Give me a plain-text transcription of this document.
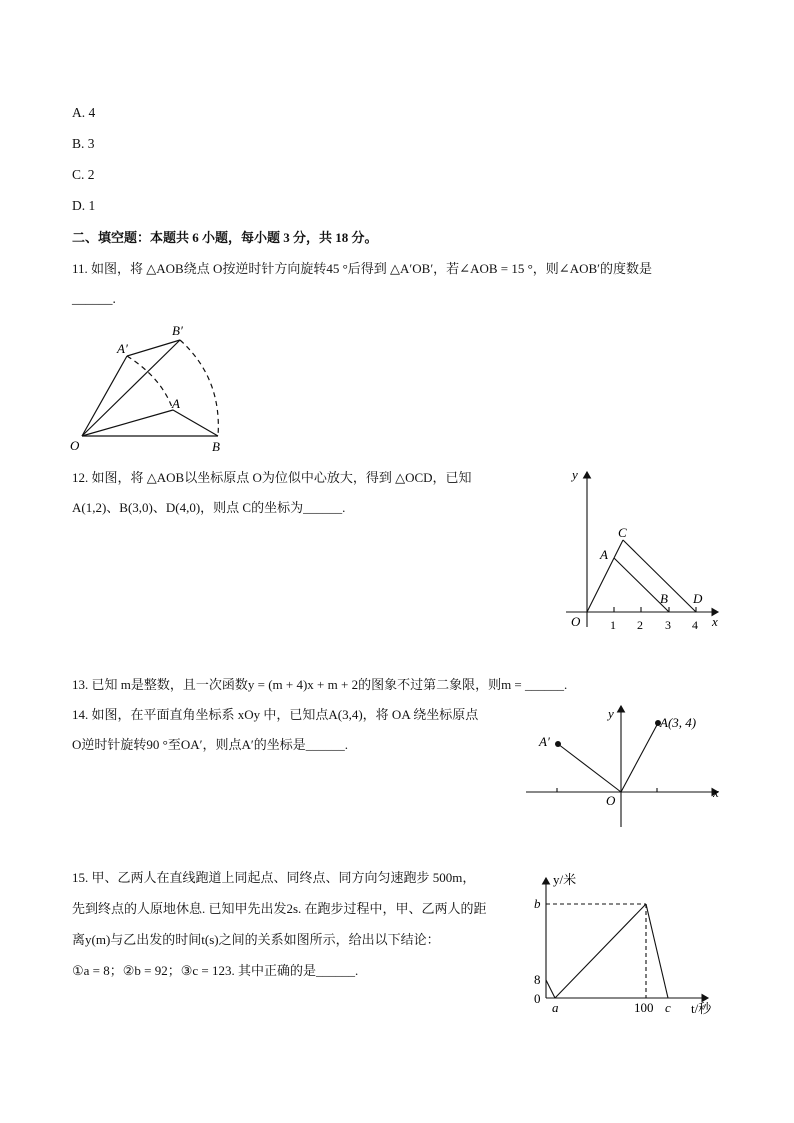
A. 4
B. 3
C. 2
D. 1
二、填空题：本题共 6 小题，每小题 3 分，共 18 分。
11. 如图，将 △AOB绕点 O按逆时针方向旋转45 °后得到 △A′OB′，若∠AOB = 15 °，则∠AOB′的度数是
______.
A′
B′
A
O	B
12. 如图，将 △AOB以坐标原点 O为位似中心放大，得到 △OCD，已知
A(1,2)、B(3,0)、D(4,0)，则点 C的坐标为______.
y
x
O 1 2 3 4
A
C
B D
13. 已知 m是整数，且一次函数y = (m + 4)x + m + 2的图象不过第二象限，则m = ______.
14. 如图，在平面直角坐标系 xOy 中，已知点A(3,4)，将 OA 绕坐标原点
O逆时针旋转90 °至OA′，则点A′的坐标是______.
y
x
O
A(3, 4)
A′
15. 甲、乙两人在直线跑道上同起点、同终点、同方向匀速跑步 500m，
先到终点的人原地休息. 已知甲先出发2s. 在跑步过程中，甲、乙两人的距
离y(m)与乙出发的时间t(s)之间的关系如图所示，给出以下结论：
①a = 8；②b = 92；③c = 123. 其中正确的是______.
y/米
t/秒
b
8
0
a	100 c
